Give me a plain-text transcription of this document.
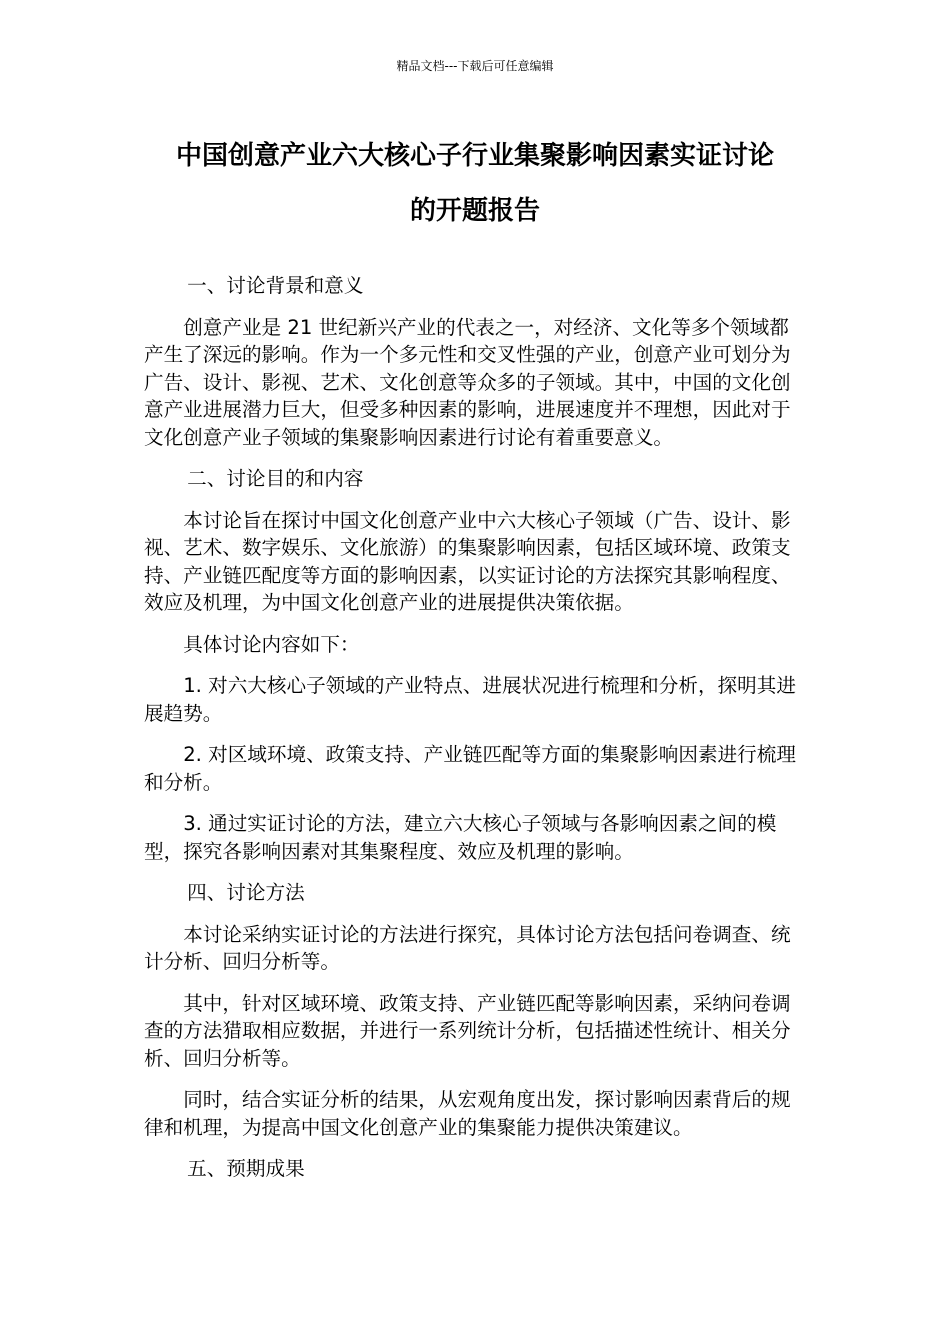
精品文档---下载后可任意编辑
中国创意产业六大核心子行业集聚影响因素实证讨论
的开题报告

一、讨论背景和意义

创意产业是 21 世纪新兴产业的代表之一，对经济、文化等多个领域都产生了深远的影响。作为一个多元性和交叉性强的产业，创意产业可划分为广告、设计、影视、艺术、文化创意等众多的子领域。其中，中国的文化创意产业进展潜力巨大，但受多种因素的影响，进展速度并不理想，因此对于文化创意产业子领域的集聚影响因素进行讨论有着重要意义。

二、讨论目的和内容

本讨论旨在探讨中国文化创意产业中六大核心子领域（广告、设计、影视、艺术、数字娱乐、文化旅游）的集聚影响因素，包括区域环境、政策支持、产业链匹配度等方面的影响因素，以实证讨论的方法探究其影响程度、效应及机理，为中国文化创意产业的进展提供决策依据。

具体讨论内容如下：

1. 对六大核心子领域的产业特点、进展状况进行梳理和分析，探明其进展趋势。

2. 对区域环境、政策支持、产业链匹配等方面的集聚影响因素进行梳理和分析。

3. 通过实证讨论的方法，建立六大核心子领域与各影响因素之间的模型，探究各影响因素对其集聚程度、效应及机理的影响。

四、讨论方法

本讨论采纳实证讨论的方法进行探究，具体讨论方法包括问卷调查、统计分析、回归分析等。

其中，针对区域环境、政策支持、产业链匹配等影响因素，采纳问卷调查的方法猎取相应数据，并进行一系列统计分析，包括描述性统计、相关分析、回归分析等。

同时，结合实证分析的结果，从宏观角度出发，探讨影响因素背后的规律和机理，为提高中国文化创意产业的集聚能力提供决策建议。

五、预期成果
